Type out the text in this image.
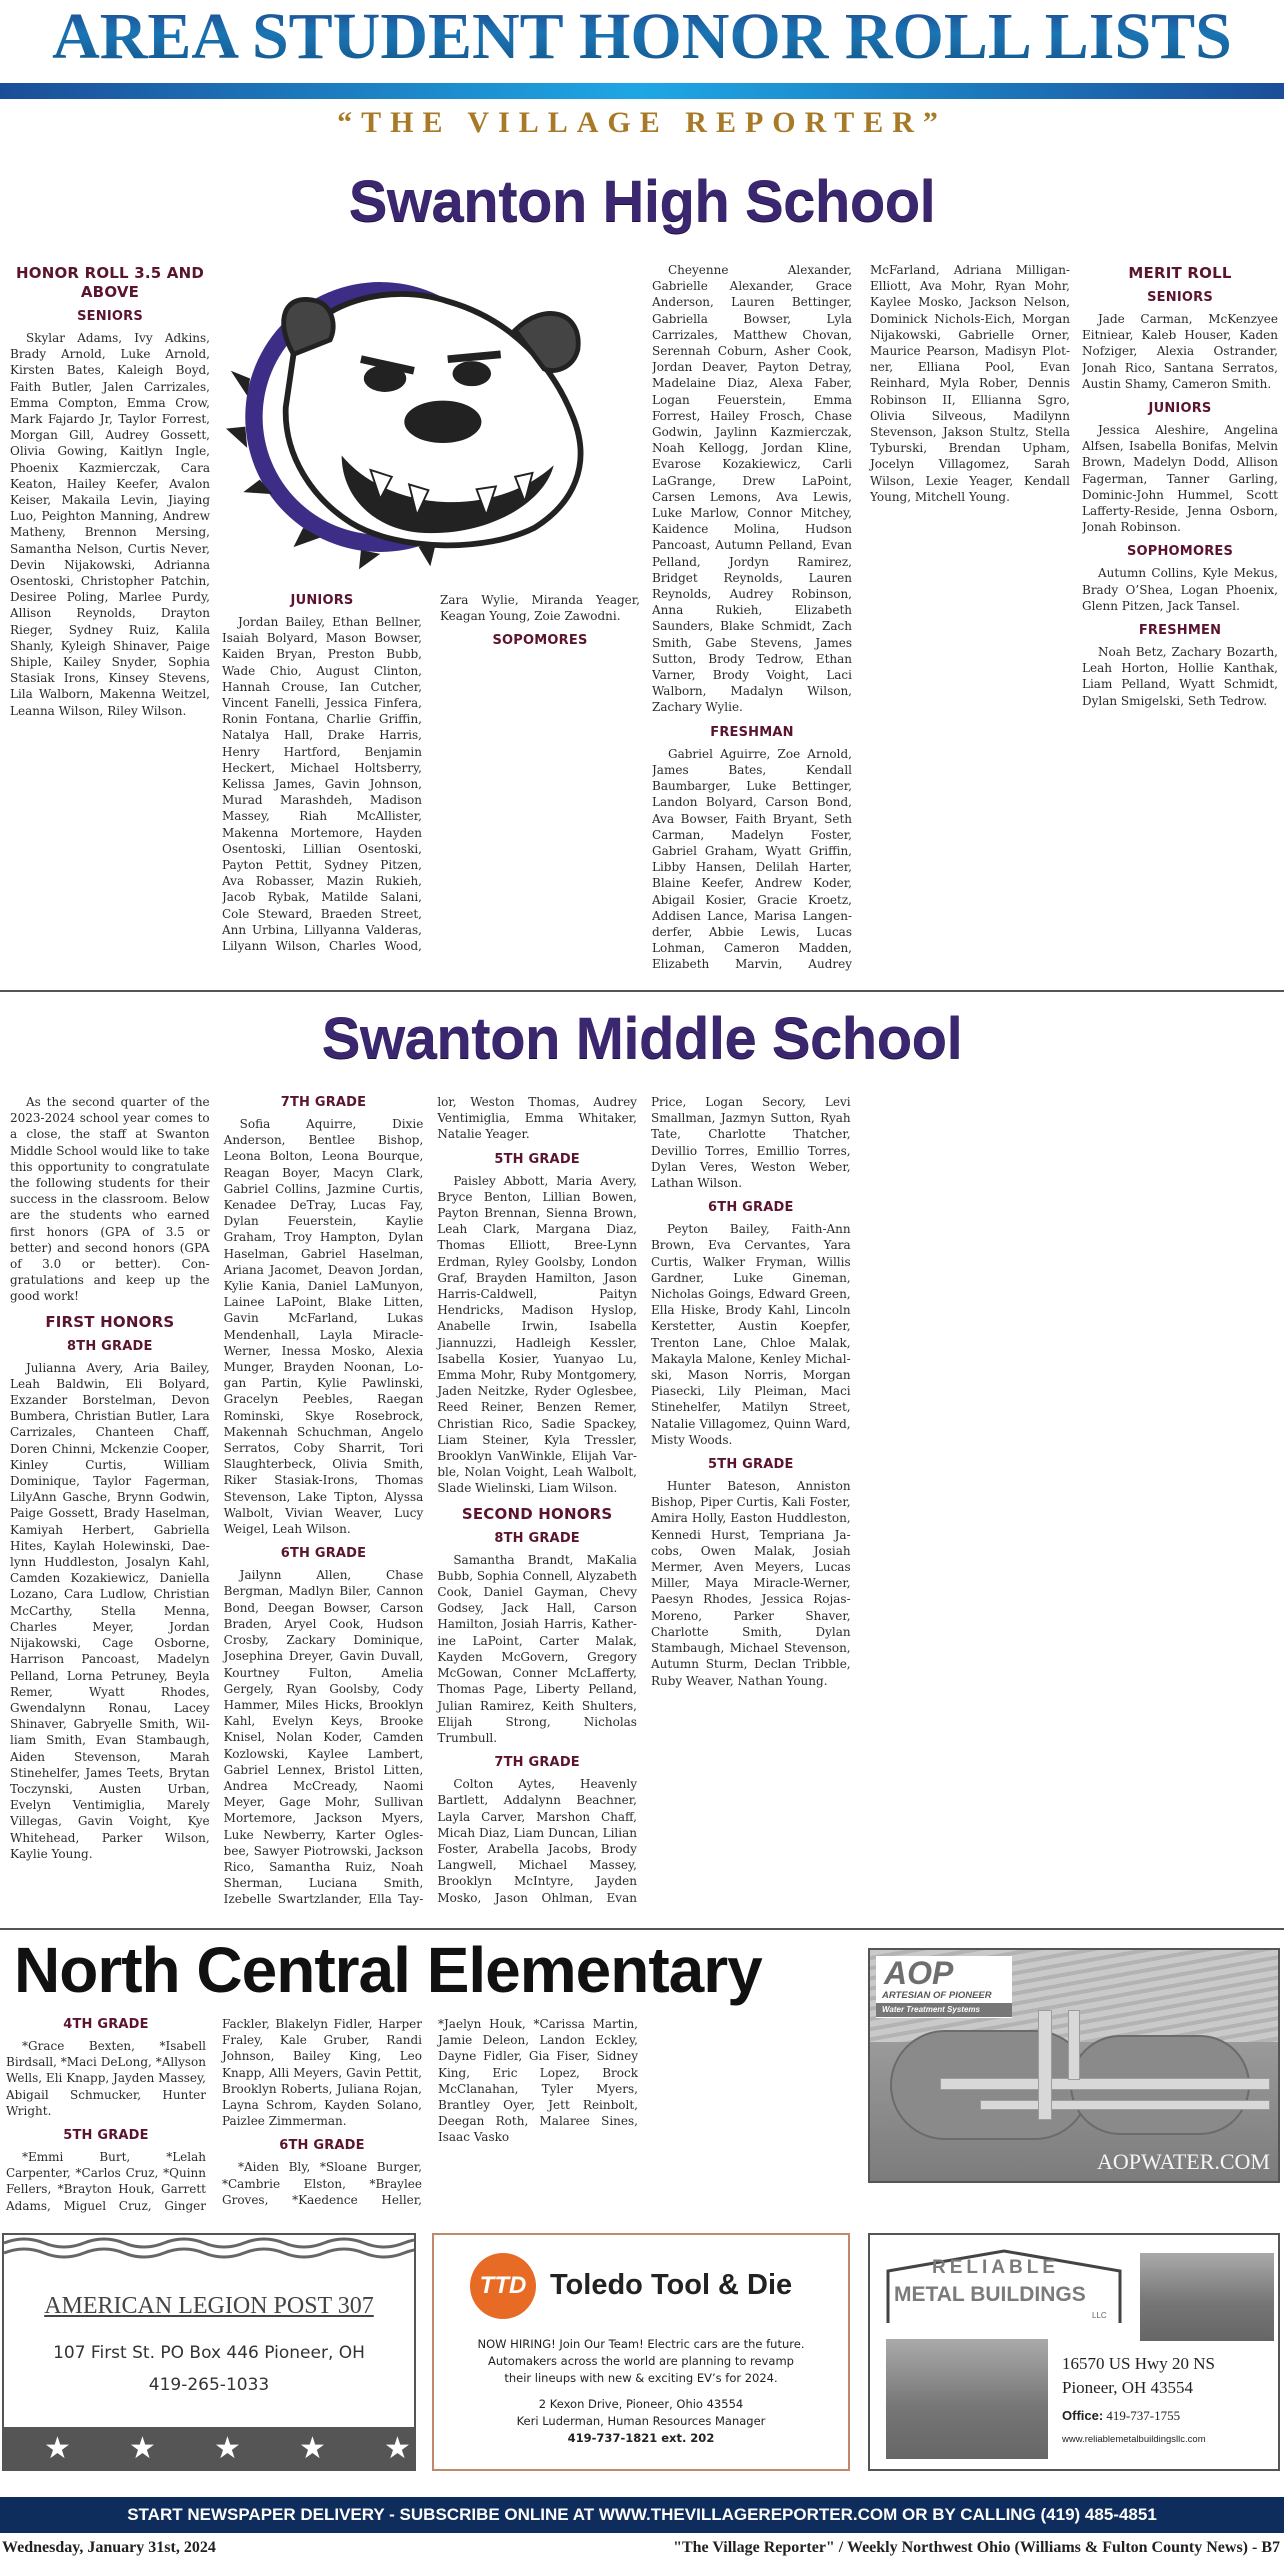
AREA STUDENT HONOR ROLL LISTS
“THE VILLAGE REPORTER”
Swanton High School
HONOR ROLL 3.5 AND ABOVE
SENIORS

Skylar Adams, Ivy Adkins, Brady Arnold, Luke Arnold, Kirsten Bates, Kaleigh Boyd, Faith Butler, Jalen Carrizales, Emma Compton, Emma Crow, Mark Fajardo Jr, Taylor Forrest, Morgan Gill, Audrey Gossett, Olivia Gowing, Kaitlyn Ingle, Phoenix Kazmierczak, Cara Keaton, Hailey Keefer, Avalon Keiser, Makaila Levin, Jiaying Luo, Peighton Manning, Andrew Matheny, Brennon Mersing, Samantha Nelson, Curtis Never, Devin Nijakowski, Adrianna Osentoski, Christopher Patchin, Desiree Poling, Marlee Purdy, Allison Reynolds, Drayton Rieger, Sydney Ruiz, Kalila Shanly, Kyleigh Shinaver, Paige Shiple, Kailey Snyder, Sophia Stasiak Irons, Kinsey Stevens, Lila Walborn, Makenna Weitzel, Leanna Wilson, Riley Wilson.

JUNIORS

Jordan Bailey, Ethan Bellner, Isaiah Bolyard, Mason Bowser, Kaiden Bryan, Preston Bubb, Wade Chio, August Clinton, Hannah Crouse, Ian Cutcher, Vincent Fanelli, Jessica Finfera, Ronin Fontana, Charlie Griffin, Natalya Hall, Drake Harris, Henry Hartford, Benjamin Heckert, Michael Holtsberry, Kelissa James, Gavin Johnson, Murad Marashdeh, Madison Massey, Riah McAllister, Makenna Mortemore, Hayden Osentoski, Lillian Osentoski, Payton Pettit, Sydney Pitzen, Ava Robasser, Mazin Rukieh, Jacob Rybak, Matilde Salani, Cole Steward, Braeden Street, Ann Urbina, Lillyanna Valderas, Lilyann Wilson, Charles Wood, Zara Wylie, Miranda Yeager, Keagan Young, Zoie Zawodni.

SOPOMORES

Cheyenne Alexander, Gabrielle Alexander, Grace Anderson, Lauren Bettinger, Gabriella Bowser, Lyla Carrizales, Matthew Chovan, Serennah Coburn, Asher Cook, Jordan Deaver, Payton Detray, Madelaine Diaz, Alexa Faber, Logan Feuerstein, Emma Forrest, Hailey Frosch, Chase Godwin, Jaylinn Kazmierczak, Noah Kellogg, Jordan Kline, Evarose Kozakiewicz, Carli LaGrange, Drew LaPoint, Carsen Lemons, Ava Lewis, Luke Marlow, Connor Mitchey, Kaidence Molina, Hudson Pancoast, Autumn Pelland, Evan Pelland, Jordyn Ramirez, Bridget Reynolds, Lauren Reynolds, Audrey Robinson, Anna Rukieh, Elizabeth Saunders, Blake Schmidt, Zach Smith, Gabe Stevens, James Sutton, Brody Tedrow, Ethan Varner, Brody Voight, Laci Walborn, Madalyn Wilson, Zachary Wylie.

FRESHMAN

Gabriel Aguirre, Zoe Arnold, James Bates, Kendall Baumbarger, Luke Bettinger, Landon Bolyard, Carson Bond, Ava Bowser, Faith Bryant, Seth Carman, Madelyn Foster, Gabriel Graham, Wyatt Griffin, Libby Hansen, Delilah Harter, Blaine Keefer, Andrew Koder, Abigail Kosier, Gracie Kroetz, Addisen Lance, Marisa Langenderfer, Abbie Lewis, Lucas Lohman, Cameron Madden, Elizabeth Marvin, Audrey McFarland, Adriana Milligan-Elliott, Ava Mohr, Ryan Mohr, Kaylee Mosko, Jackson Nelson, Dominick Nichols-Eich, Morgan Nijakowski, Gabrielle Orner, Maurice Pearson, Madisyn Plotner, Elliana Pool, Evan Reinhard, Myla Rober, Dennis Robinson II, Ellianna Sgro, Olivia Silveous, Madilynn Stevenson, Jakson Stultz, Stella Tyburski, Brendan Upham, Jocelyn Villagomez, Sarah Wilson, Lexie Yeager, Kendall Young, Mitchell Young.

MERIT ROLL
SENIORS

Jade Carman, McKenzyee Eitniear, Kaleb Houser, Kaden Nofziger, Alexia Ostrander, Jonah Rico, Santana Serratos, Austin Shamy, Cameron Smith.

JUNIORS

Jessica Aleshire, Angelina Alfsen, Isabella Bonifas, Melvin Brown, Madelyn Dodd, Allison Fagerman, Tanner Garling, Dominic-John Hummel, Scott Lafferty-Reside, Jenna Osborn, Jonah Robinson.

SOPHOMORES

Autumn Collins, Kyle Mekus, Brady O’Shea, Logan Phoenix, Glenn Pitzen, Jack Tansel.

FRESHMEN

Noah Betz, Zachary Bozarth, Leah Horton, Hollie Kanthak, Liam Pelland, Wyatt Schmidt, Dylan Smigelski, Seth Tedrow.

Swanton Middle School

As the second quarter of the 2023-2024 school year comes to a close, the staff at Swanton Middle School would like to take this opportunity to congratulate the following students for their success in the classroom. Below are the students who earned first honors (GPA of 3.5 or better) and second honors (GPA of 3.0 or better). Congratulations and keep up the good work!

FIRST HONORS
8TH GRADE

Julianna Avery, Aria Bailey, Leah Baldwin, Eli Bolyard, Exzander Borstelman, Devon Bumbera, Christian Butler, Lara Carrizales, Chanteen Chaff, Doren Chinni, Mckenzie Cooper, Kinley Curtis, William Dominique, Taylor Fagerman, LilyAnn Gasche, Brynn Godwin, Paige Gossett, Brady Haselman, Kamiyah Herbert, Gabriella Hites, Kaylah Holewinski, Daelynn Huddleston, Josalyn Kahl, Camden Kozakiewicz, Daniella Lozano, Cara Ludlow, Christian McCarthy, Stella Menna, Charles Meyer, Jordan Nijakowski, Cage Osborne, Harrison Pancoast, Madelyn Pelland, Lorna Petruney, Beyla Remer, Wyatt Rhodes, Gwendalynn Ronau, Lacey Shinaver, Gabryelle Smith, William Smith, Evan Stambaugh, Aiden Stevenson, Marah Stinehelfer, James Teets, Brytan Toczynski, Austen Urban, Evelyn Ventimiglia, Marely Villegas, Gavin Voight, Kye Whitehead, Parker Wilson, Kaylie Young.

7TH GRADE

Sofia Aquirre, Dixie Anderson, Bentlee Bishop, Leona Bolton, Leona Bourque, Reagan Boyer, Macyn Clark, Gabriel Collins, Jazmine Curtis, Kenadee DeTray, Lucas Fay, Dylan Feuerstein, Kaylie Graham, Troy Hampton, Dylan Haselman, Gabriel Haselman, Ariana Jacomet, Deavon Jordan, Kylie Kania, Daniel LaMunyon, Lainee LaPoint, Blake Litten, Gavin McFarland, Lukas Mendenhall, Layla Miracle-Werner, Inessa Mosko, Alexia Munger, Brayden Noonan, Logan Partin, Kylie Pawlinski, Gracelyn Peebles, Raegan Rominski, Skye Rosebrock, Makennah Schuchman, Angelo Serratos, Coby Sharrit, Tori Slaughterbeck, Olivia Smith, Riker Stasiak-Irons, Thomas Stevenson, Lake Tipton, Alyssa Walbolt, Vivian Weaver, Lucy Weigel, Leah Wilson.

6TH GRADE

Jailynn Allen, Chase Bergman, Madlyn Biler, Cannon Bond, Deegan Bowser, Carson Braden, Aryel Cook, Hudson Crosby, Zackary Dominique, Josephina Dreyer, Gavin Duvall, Kourtney Fulton, Amelia Gergely, Ryan Goolsby, Cody Hammer, Miles Hicks, Brooklyn Kahl, Evelyn Keys, Brooke Knisel, Nolan Koder, Camden Kozlowski, Kaylee Lambert, Gabriel Lennex, Bristol Litten, Andrea McCready, Naomi Meyer, Gage Mohr, Sullivan Mortemore, Jackson Myers, Luke Newberry, Karter Oglesbee, Sawyer Piotrowski, Jackson Rico, Samantha Ruiz, Noah Sherman, Luciana Smith, Izebelle Swartzlander, Ella Taylor, Weston Thomas, Audrey Ventimiglia, Emma Whitaker, Natalie Yeager.

5TH GRADE

Paisley Abbott, Maria Avery, Bryce Benton, Lillian Bowen, Payton Brennan, Sienna Brown, Leah Clark, Margana Diaz, Thomas Elliott, Bree-Lynn Erdman, Ryley Goolsby, London Graf, Brayden Hamilton, Jason Harris-Caldwell, Paityn Hendricks, Madison Hyslop, Anabelle Irwin, Isabella Jiannuzzi, Hadleigh Kessler, Isabella Kosier, Yuanyao Lu, Emma Mohr, Ruby Montgomery, Jaden Neitzke, Ryder Oglesbee, Reed Reiner, Benzen Remer, Christian Rico, Sadie Spackey, Liam Steiner, Kyla Tressler, Brooklyn VanWinkle, Elijah Varble, Nolan Voight, Leah Walbolt, Slade Wielinski, Liam Wilson.

SECOND HONORS
8TH GRADE

Samantha Brandt, MaKalia Bubb, Sophia Connell, Alyzabeth Cook, Daniel Gayman, Chevy Godsey, Jack Hall, Carson Hamilton, Josiah Harris, Katherine LaPoint, Carter Malak, Kayden McGovern, Gregory McGowan, Conner McLafferty, Thomas Page, Liberty Pelland, Julian Ramirez, Keith Shulters, Elijah Strong, Nicholas Trumbull.

7TH GRADE

Colton Aytes, Heavenly Bartlett, Addalynn Beachner, Layla Carver, Marshon Chaff, Micah Diaz, Liam Duncan, Lilian Foster, Arabella Jacobs, Brody Langwell, Michael Massey, Brooklyn McIntyre, Jayden Mosko, Jason Ohlman, Evan Price, Logan Secory, Levi Smallman, Jazmyn Sutton, Ryah Tate, Charlotte Thatcher, Devillio Torres, Emillio Torres, Dylan Veres, Weston Weber, Lathan Wilson.

6TH GRADE

Peyton Bailey, Faith-Ann Brown, Eva Cervantes, Yara Curtis, Walker Fryman, Willis Gardner, Luke Gineman, Nicholas Goings, Edward Green, Ella Hiske, Brody Kahl, Lincoln Kerstetter, Austin Koepfer, Trenton Lane, Chloe Malak, Makayla Malone, Kenley Michalski, Mason Norris, Morgan Piasecki, Lily Pleiman, Maci Stinehelfer, Matilyn Street, Natalie Villagomez, Quinn Ward, Misty Woods.

5TH GRADE

Hunter Bateson, Anniston Bishop, Piper Curtis, Kali Foster, Amira Holly, Easton Huddleston, Kennedi Hurst, Tempriana Jacobs, Owen Malak, Josiah Mermer, Aven Meyers, Lucas Miller, Maya Miracle-Werner, Paesyn Rhodes, Jessica Rojas-Moreno, Parker Shaver, Charlotte Smith, Dylan Stambaugh, Michael Stevenson, Autumn Sturm, Declan Tribble, Ruby Weaver, Nathan Young.

North Central Elementary
4TH GRADE

*Grace Bexten, *Isabell Birdsall, *Maci DeLong, *Allyson Wells, Eli Knapp, Jayden Massey, Abigail Schmucker, Hunter Wright.

5TH GRADE

*Emmi Burt, *Lelah Carpenter, *Carlos Cruz, *Quinn Fellers, *Brayton Houk, Garrett Adams, Miguel Cruz, Ginger Fackler, Blakelyn Fidler, Harper Fraley, Kale Gruber, Randi Johnson, Bailey King, Leo Knapp, Alli Meyers, Gavin Pettit, Brooklyn Roberts, Juliana Rojan, Layna Schrom, Kayden Solano, Paizlee Zimmerman.

6TH GRADE

*Aiden Bly, *Sloane Burger, *Cambrie Elston, *Braylee Groves, *Kaedence Heller, *Jaelyn Houk, *Carissa Martin, Jamie Deleon, Landon Eckley, Dayne Fidler, Gia Fiser, Sidney King, Eric Lopez, Brock McClanahan, Tyler Myers, Brantley Oyer, Jett Reinbolt, Deegan Roth, Malaree Sines, Isaac Vasko

AOP
ARTESIAN OF PIONEER
Water Treatment Systems
AOPWATER.COM
AMERICAN LEGION POST 307
107 First St. PO Box 446 Pioneer, OH
419-265-1033
★ ★ ★ ★ ★
TTD Toledo Tool & Die
NOW HIRING! Join Our Team! Electric cars are the future.
Automakers across the world are planning to revamp
their lineups with new & exciting EV’s for 2024.
2 Kexon Drive, Pioneer, Ohio 43554
Keri Luderman, Human Resources Manager
419-737-1821 ext. 202
RELIABLE
METAL BUILDINGS
LLC
16570 US Hwy 20 NS
Pioneer, OH 43554
Office: 419-737-1755
www.reliablemetalbuildingsllc.com
START NEWSPAPER DELIVERY - SUBSCRIBE ONLINE AT WWW.THEVILLAGEREPORTER.COM OR BY CALLING (419) 485-4851
Wednesday, January 31st, 2024	"The Village Reporter" / Weekly Northwest Ohio (Williams & Fulton County News) - B7
